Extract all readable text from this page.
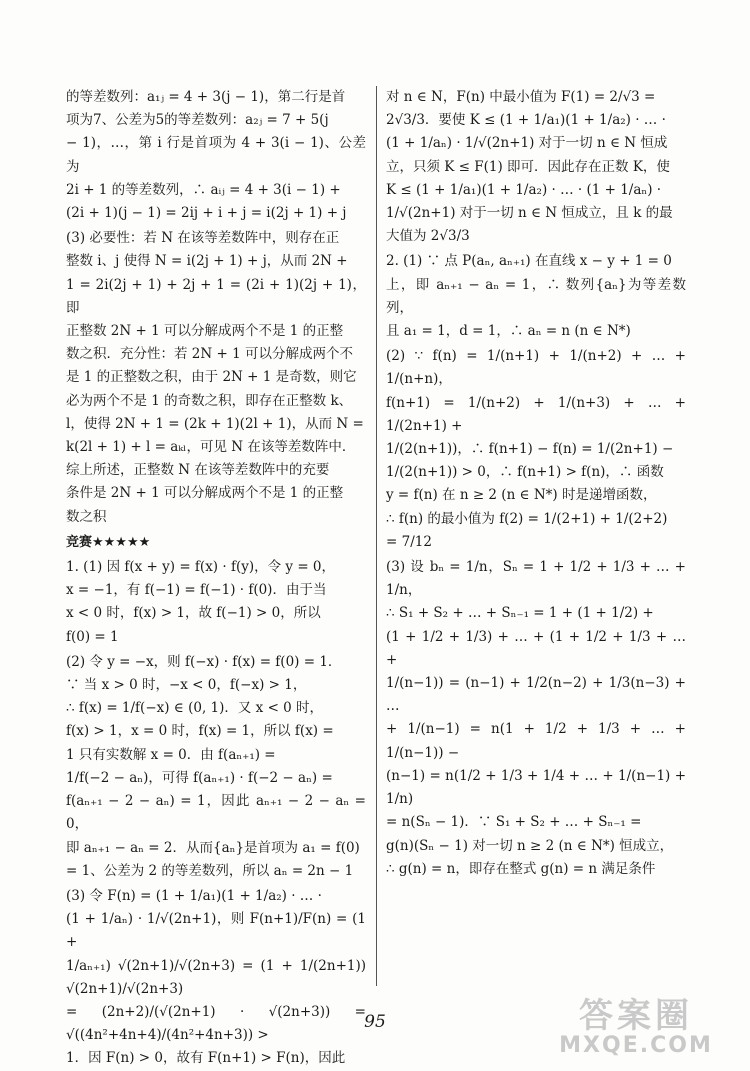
的等差数列：a₁ⱼ = 4 + 3(j − 1)，第二行是首

项为7、公差为5的等差数列：a₂ⱼ = 7 + 5(j

− 1)，…，第 i 行是首项为 4 + 3(i − 1)、公差为

2i + 1 的等差数列，∴ aᵢⱼ = 4 + 3(i − 1) +

(2i + 1)(j − 1) = 2ij + i + j = i(2j + 1) + j

(3) 必要性：若 N 在该等差数阵中，则存在正

整数 i、j 使得 N = i(2j + 1) + j，从而 2N +

1 = 2i(2j + 1) + 2j + 1 = (2i + 1)(2j + 1)，即

正整数 2N + 1 可以分解成两个不是 1 的正整

数之积．充分性：若 2N + 1 可以分解成两个不

是 1 的正整数之积，由于 2N + 1 是奇数，则它

必为两个不是 1 的奇数之积，即存在正整数 k、

l，使得 2N + 1 = (2k + 1)(2l + 1)，从而 N =

k(2l + 1) + l = aₖₗ，可见 N 在该等差数阵中．

综上所述，正整数 N 在该等差数阵中的充要

条件是 2N + 1 可以分解成两个不是 1 的正整

数之积

竞赛★★★★★

1. (1) 因 f(x + y) = f(x) · f(y)，令 y = 0，

x = −1，有 f(−1) = f(−1) · f(0)．由于当

x < 0 时，f(x) > 1，故 f(−1) > 0，所以

f(0) = 1

(2) 令 y = −x，则 f(−x) · f(x) = f(0) = 1．

∵ 当 x > 0 时，−x < 0，f(−x) > 1，

∴ f(x) = 1/f(−x) ∈ (0, 1)．又 x < 0 时，

f(x) > 1，x = 0 时，f(x) = 1，所以 f(x) =

1 只有实数解 x = 0．由 f(aₙ₊₁) =

1/f(−2 − aₙ)，可得 f(aₙ₊₁) · f(−2 − aₙ) =

f(aₙ₊₁ − 2 − aₙ) = 1，因此 aₙ₊₁ − 2 − aₙ = 0，

即 aₙ₊₁ − aₙ = 2．从而{aₙ}是首项为 a₁ = f(0)

= 1、公差为 2 的等差数列，所以 aₙ = 2n − 1

(3) 令 F(n) = (1 + 1/a₁)(1 + 1/a₂) · … ·

(1 + 1/aₙ) · 1/√(2n+1)，则 F(n+1)/F(n) = (1 +

1/aₙ₊₁) √(2n+1)/√(2n+3) = (1 + 1/(2n+1)) √(2n+1)/√(2n+3)

= (2n+2)/(√(2n+1) · √(2n+3)) = √((4n²+4n+4)/(4n²+4n+3)) >

1．因 F(n) > 0，故有 F(n+1) > F(n)，因此

对 n ∈ N，F(n) 中最小值为 F(1) = 2/√3 =

2√3/3．要使 K ≤ (1 + 1/a₁)(1 + 1/a₂) · … ·

(1 + 1/aₙ) · 1/√(2n+1) 对于一切 n ∈ N 恒成

立，只须 K ≤ F(1) 即可．因此存在正数 K，使

K ≤ (1 + 1/a₁)(1 + 1/a₂) · … · (1 + 1/aₙ) ·

1/√(2n+1) 对于一切 n ∈ N 恒成立，且 k 的最

大值为 2√3/3

2. (1) ∵ 点 P(aₙ, aₙ₊₁) 在直线 x − y + 1 = 0

上，即 aₙ₊₁ − aₙ = 1，∴ 数列{aₙ}为等差数列，

且 a₁ = 1，d = 1，∴ aₙ = n (n ∈ N*)

(2) ∵ f(n) = 1/(n+1) + 1/(n+2) + … + 1/(n+n)，

f(n+1) = 1/(n+2) + 1/(n+3) + … + 1/(2n+1) +

1/(2(n+1))，∴ f(n+1) − f(n) = 1/(2n+1) −

1/(2(n+1)) > 0，∴ f(n+1) > f(n)，∴ 函数

y = f(n) 在 n ≥ 2 (n ∈ N*) 时是递增函数，

∴ f(n) 的最小值为 f(2) = 1/(2+1) + 1/(2+2)

= 7/12

(3) 设 bₙ = 1/n，Sₙ = 1 + 1/2 + 1/3 + … + 1/n，

∴ S₁ + S₂ + … + Sₙ₋₁ = 1 + (1 + 1/2) +

(1 + 1/2 + 1/3) + … + (1 + 1/2 + 1/3 + … +

1/(n−1)) = (n−1) + 1/2(n−2) + 1/3(n−3) + …

+ 1/(n−1) = n(1 + 1/2 + 1/3 + … + 1/(n−1)) −

(n−1) = n(1/2 + 1/3 + 1/4 + … + 1/(n−1) + 1/n)

= n(Sₙ − 1)．∵ S₁ + S₂ + … + Sₙ₋₁ =

g(n)(Sₙ − 1) 对一切 n ≥ 2 (n ∈ N*) 恒成立，

∴ g(n) = n，即存在整式 g(n) = n 满足条件

95	答案圈
MXQE.COM
